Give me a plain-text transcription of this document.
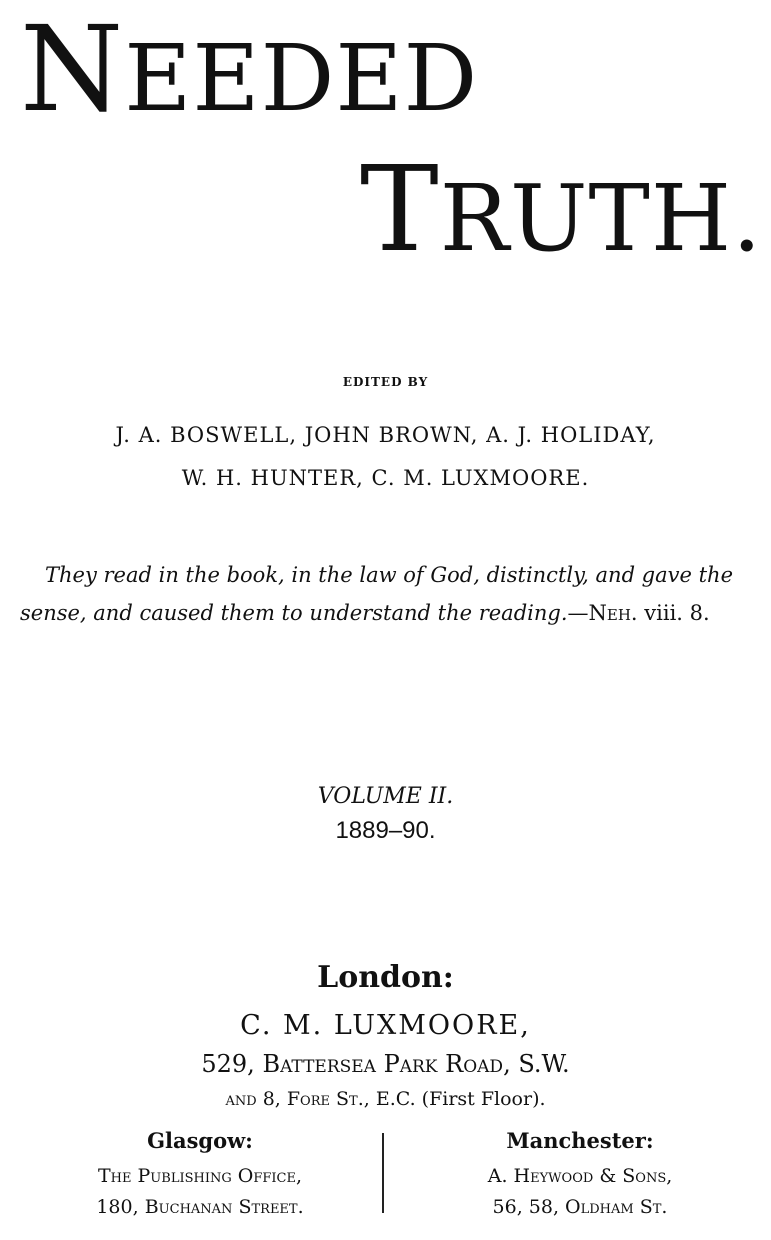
NEEDED
TRUTH.
EDITED BY
J. A. BOSWELL, JOHN BROWN, A. J. HOLIDAY,
W. H. HUNTER, C. M. LUXMOORE.
They read in the book, in the law of God, distinctly, and gave the
sense, and caused them to understand the reading.—Neh. viii. 8.
VOLUME II.
1889–90.
London:
C. M. LUXMOORE,
529, Battersea Park Road, S.W.
and 8, Fore St., E.C. (First Floor).
Glasgow:
The Publishing Office,
180, Buchanan Street.
Manchester:
A. Heywood & Sons,
56, 58, Oldham St.
